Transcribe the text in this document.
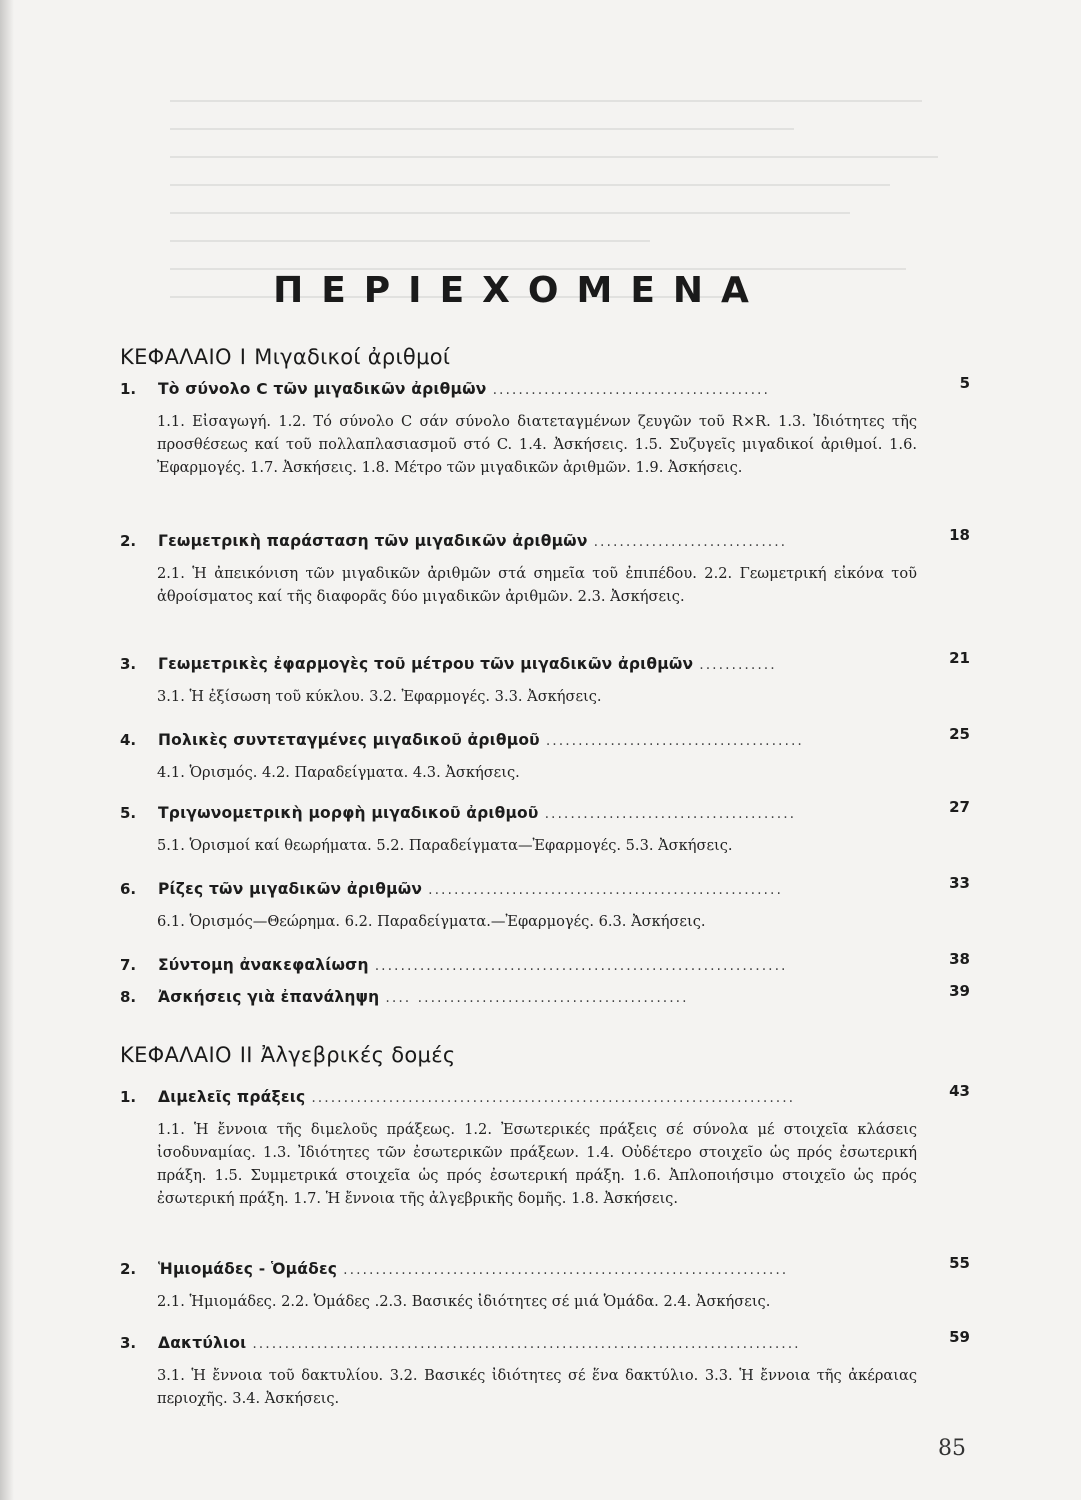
ΠΕΡΙΕΧΟΜΕΝΑ
ΚΕΦΑΛΑΙΟ Ι Μιγαδικοί ἀριθμοί
1.	Τὸ σύνολο C τῶν μιγαδικῶν ἀριθμῶν ...........................................	5
1.1. Εἰσαγωγή. 1.2. Τό σύνολο C σάν σύνολο διατεταγμένων ζευγῶν τοῦ R×R. 1.3. Ἰδιότητες τῆς προσθέσεως καί τοῦ πολλαπλασιασμοῦ στό C. 1.4. Ἀσκήσεις. 1.5. Συζυγεῖς μιγαδικοί ἀριθμοί. 1.6. Ἐφαρμογές. 1.7. Ἀσκήσεις. 1.8. Μέτρο τῶν μιγαδικῶν ἀριθμῶν. 1.9. Ἀσκήσεις.
2.	Γεωμετρικὴ παράσταση τῶν μιγαδικῶν ἀριθμῶν ..............................	18
2.1. Ἡ ἀπεικόνιση τῶν μιγαδικῶν ἀριθμῶν στά σημεῖα τοῦ ἐπιπέδου. 2.2. Γεωμετρική εἰκόνα τοῦ ἀθροίσματος καί τῆς διαφορᾶς δύο μιγαδικῶν ἀριθμῶν. 2.3. Ἀσκήσεις.
3.	Γεωμετρικὲς ἐφαρμογὲς τοῦ μέτρου τῶν μιγαδικῶν ἀριθμῶν ............	21
3.1. Ἡ ἐξίσωση τοῦ κύκλου. 3.2. Ἐφαρμογές. 3.3. Ἀσκήσεις.
4.	Πολικὲς συντεταγμένες μιγαδικοῦ ἀριθμοῦ ........................................	25
4.1. Ὁρισμός. 4.2. Παραδείγματα. 4.3. Ἀσκήσεις.
5.	Τριγωνομετρικὴ μορφὴ μιγαδικοῦ ἀριθμοῦ .......................................	27
5.1. Ὁρισμοί καί θεωρήματα. 5.2. Παραδείγματα—Ἐφαρμογές. 5.3. Ἀσκήσεις.
6.	Ρίζες τῶν μιγαδικῶν ἀριθμῶν .......................................................	33
6.1. Ὁρισμός—Θεώρημα. 6.2. Παραδείγματα.—Ἐφαρμογές. 6.3. Ἀσκήσεις.
7.	Σύντομη ἀνακεφαλίωση ................................................................	38
8.	Ἀσκήσεις γιὰ ἐπανάληψη .... ..........................................	39
ΚΕΦΑΛΑΙΟ ΙΙ Ἀλγεβρικές δομές
1.	Διμελεῖς πράξεις ...........................................................................	43
1.1. Ἡ ἔννοια τῆς διμελοῦς πράξεως. 1.2. Ἐσωτερικές πράξεις σέ σύνολα μέ στοιχεῖα κλάσεις ἰσοδυναμίας. 1.3. Ἰδιότητες τῶν ἐσωτερικῶν πράξεων. 1.4. Οὐδέτερο στοιχεῖο ὡς πρός ἐσωτερική πράξη. 1.5. Συμμετρικά στοιχεῖα ὡς πρός ἐσωτερική πράξη. 1.6. Ἀπλοποιήσιμο στοιχεῖο ὡς πρός ἐσωτερική πράξη. 1.7. Ἡ ἔννοια τῆς ἀλγεβρικῆς δομῆς. 1.8. Ἀσκήσεις.
2.	Ἡμιομάδες - Ὁμάδες .....................................................................	55
2.1. Ἡμιομάδες. 2.2. Ὁμάδες .2.3. Βασικές ἰδιότητες σέ μιά Ὁμάδα. 2.4. Ἀσκήσεις.
3.	Δακτύλιοι .....................................................................................	59
3.1. Ἡ ἔννοια τοῦ δακτυλίου. 3.2. Βασικές ἰδιότητες σέ ἕνα δακτύλιο. 3.3. Ἡ ἔννοια τῆς ἀκέραιας περιοχῆς. 3.4. Ἀσκήσεις.
85
